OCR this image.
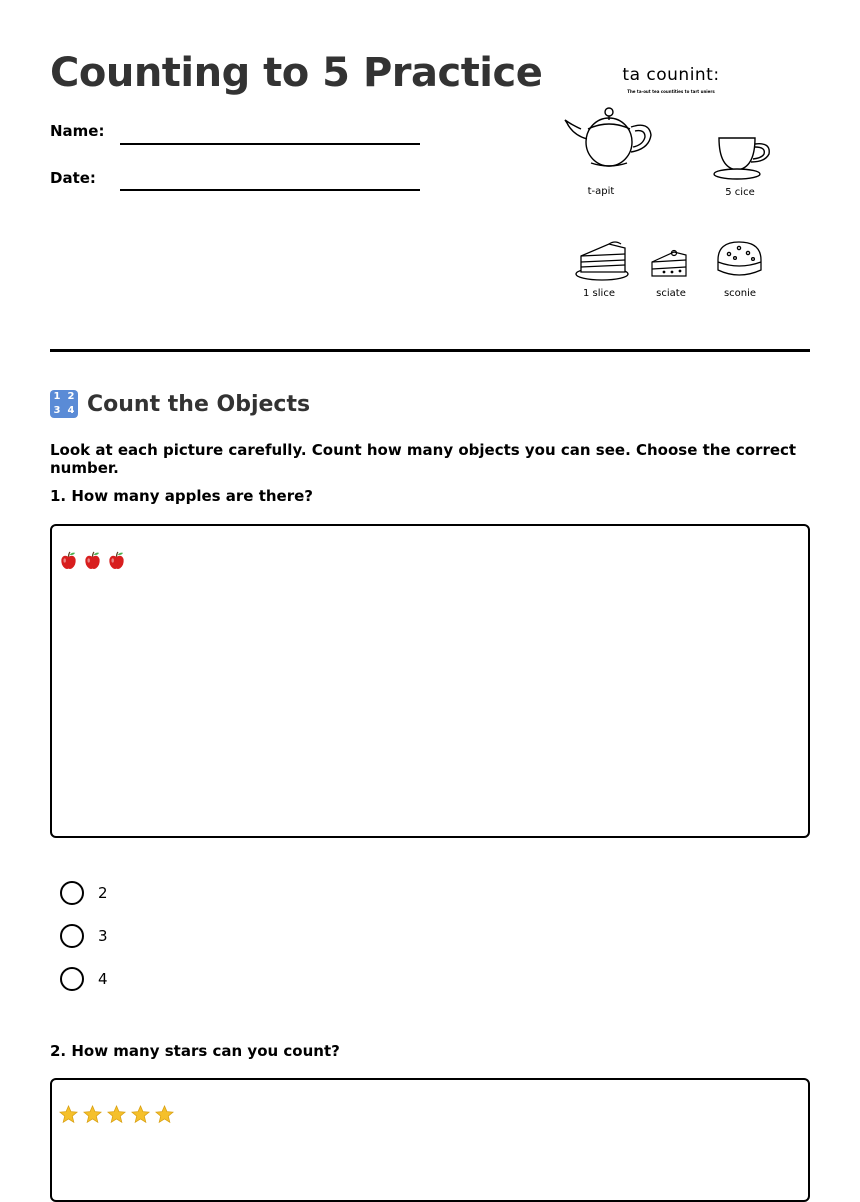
Counting to 5 Practice
Name:
Date:
ta counint:
The ta-out tea countities to tart uniers
t-apit	5 cice
1 slice	sciate	sconie
1 2
3 4 Count the Objects
Look at each picture carefully. Count how many objects you can see. Choose the correct number.
1. How many apples are there?
2
3
4
2. How many stars can you count?
